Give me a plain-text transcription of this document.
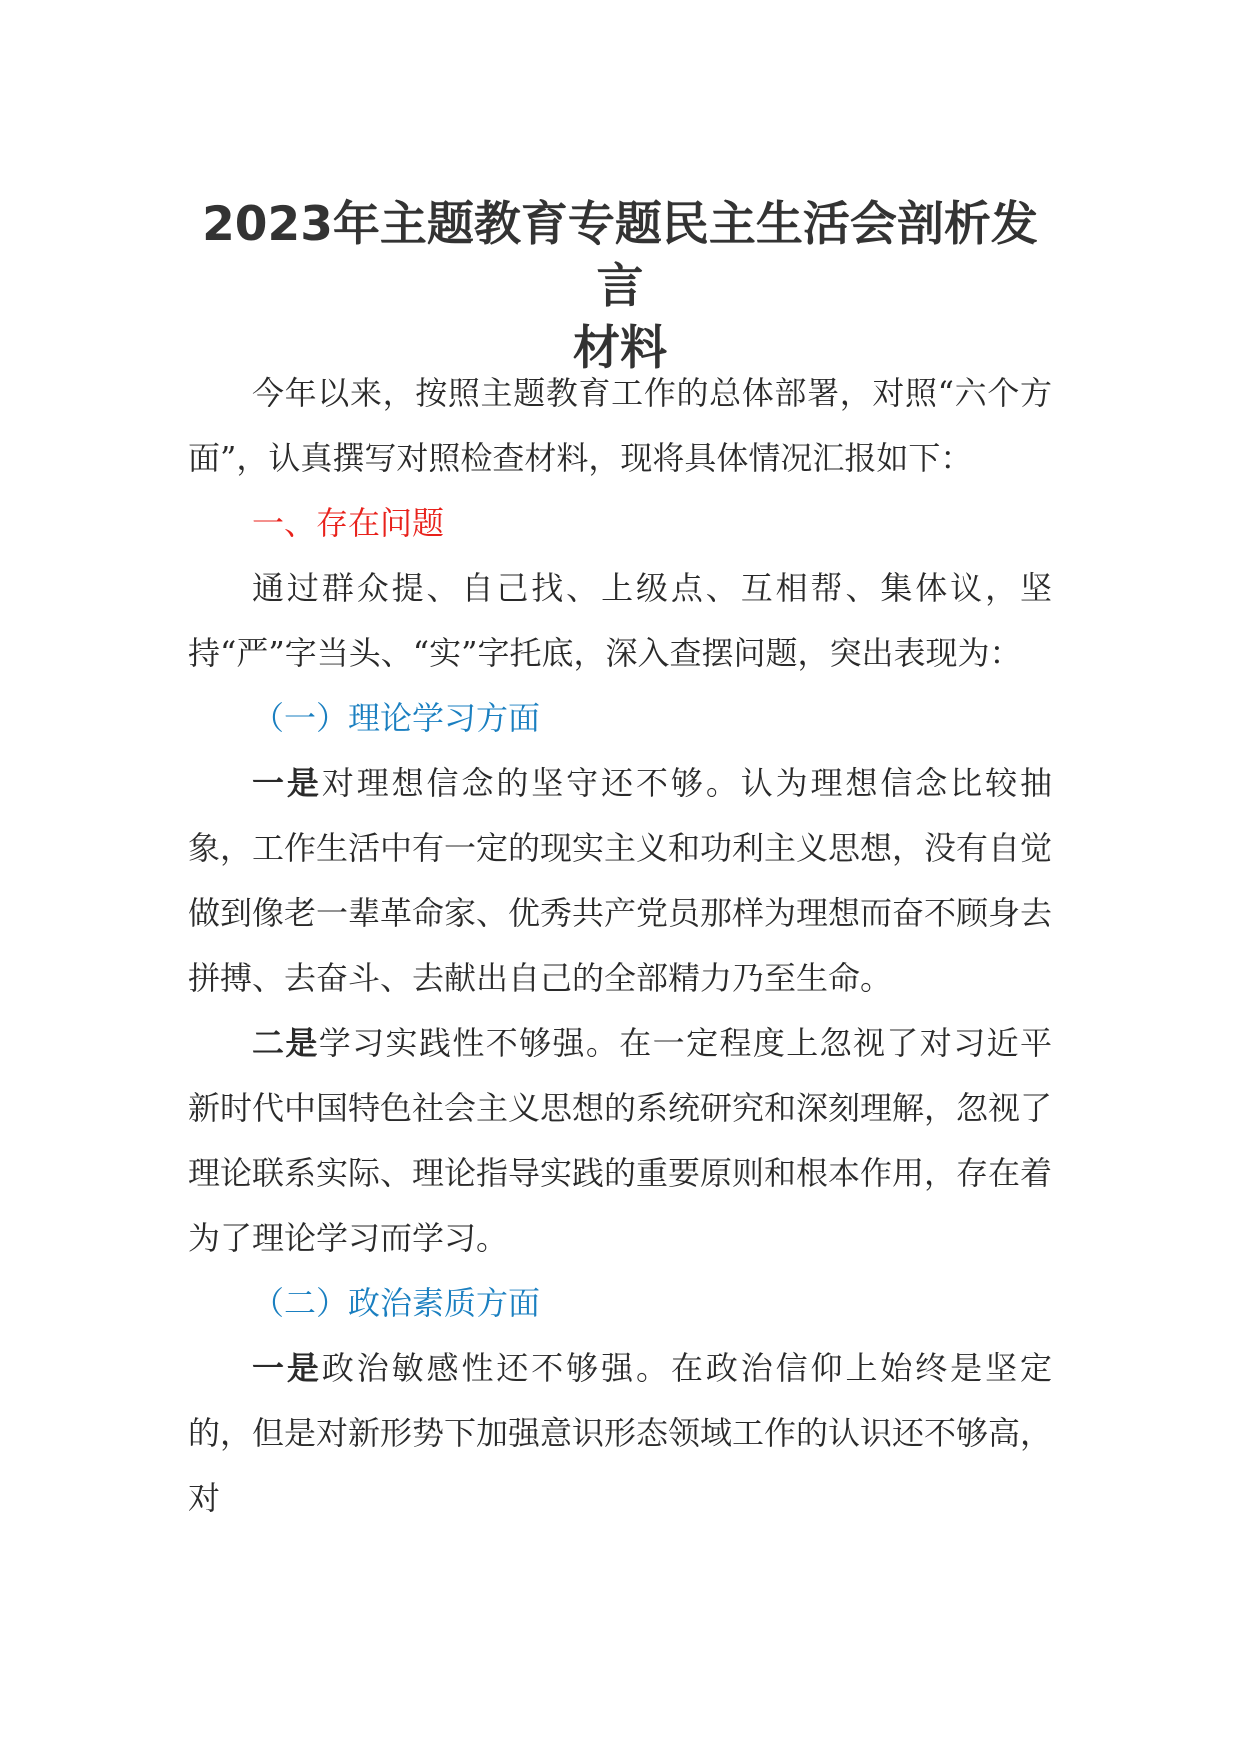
2023年主题教育专题民主生活会剖析发言
材料

今年以来，按照主题教育工作的总体部署，对照“六个方面”，认真撰写对照检查材料，现将具体情况汇报如下：

一、存在问题

通过群众提、自己找、上级点、互相帮、集体议，坚持“严”字当头、“实”字托底，深入查摆问题，突出表现为：

（一）理论学习方面

一是对理想信念的坚守还不够。认为理想信念比较抽象，工作生活中有一定的现实主义和功利主义思想，没有自觉做到像老一辈革命家、优秀共产党员那样为理想而奋不顾身去拼搏、去奋斗、去献出自己的全部精力乃至生命。

二是学习实践性不够强。在一定程度上忽视了对习近平新时代中国特色社会主义思想的系统研究和深刻理解，忽视了理论联系实际、理论指导实践的重要原则和根本作用，存在着为了理论学习而学习。

（二）政治素质方面

一是政治敏感性还不够强。在政治信仰上始终是坚定的，但是对新形势下加强意识形态领域工作的认识还不够高，对
